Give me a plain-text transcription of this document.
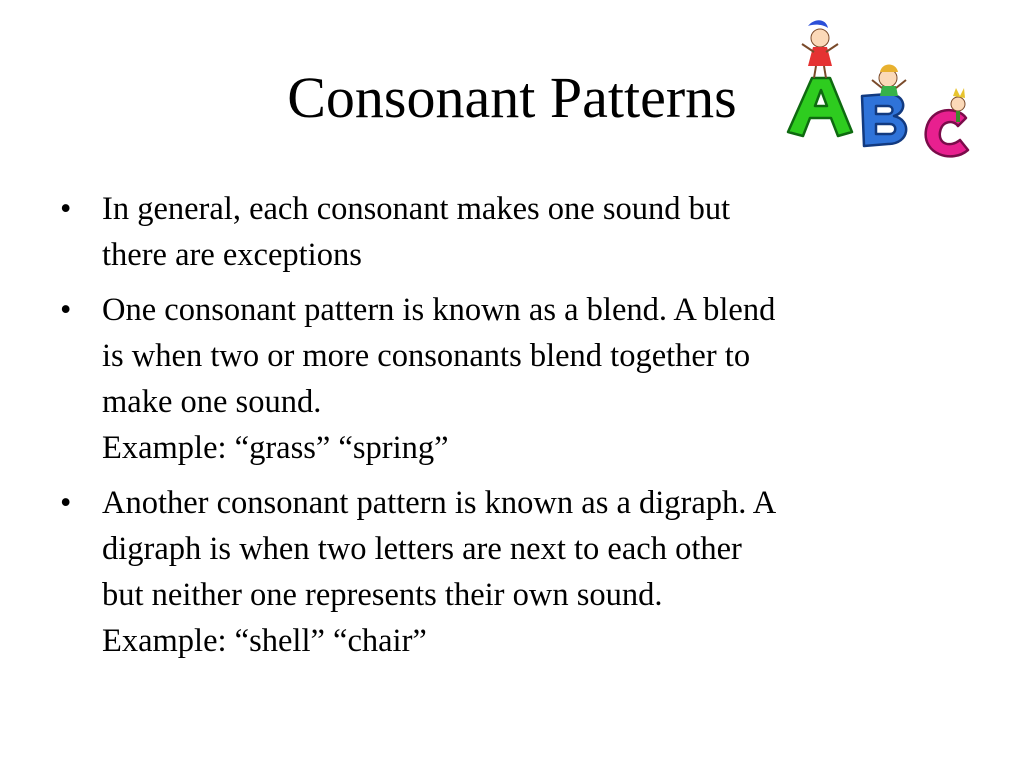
Consonant Patterns
• In general, each consonant makes one sound but
there are exceptions
• One consonant pattern is known as a blend. A blend
is when two or more consonants blend together to
make one sound.
Example: “grass” “spring”
• Another consonant pattern is known as a digraph. A
digraph is when two letters are next to each other
but neither one represents their own sound.
Example: “shell” “chair”
